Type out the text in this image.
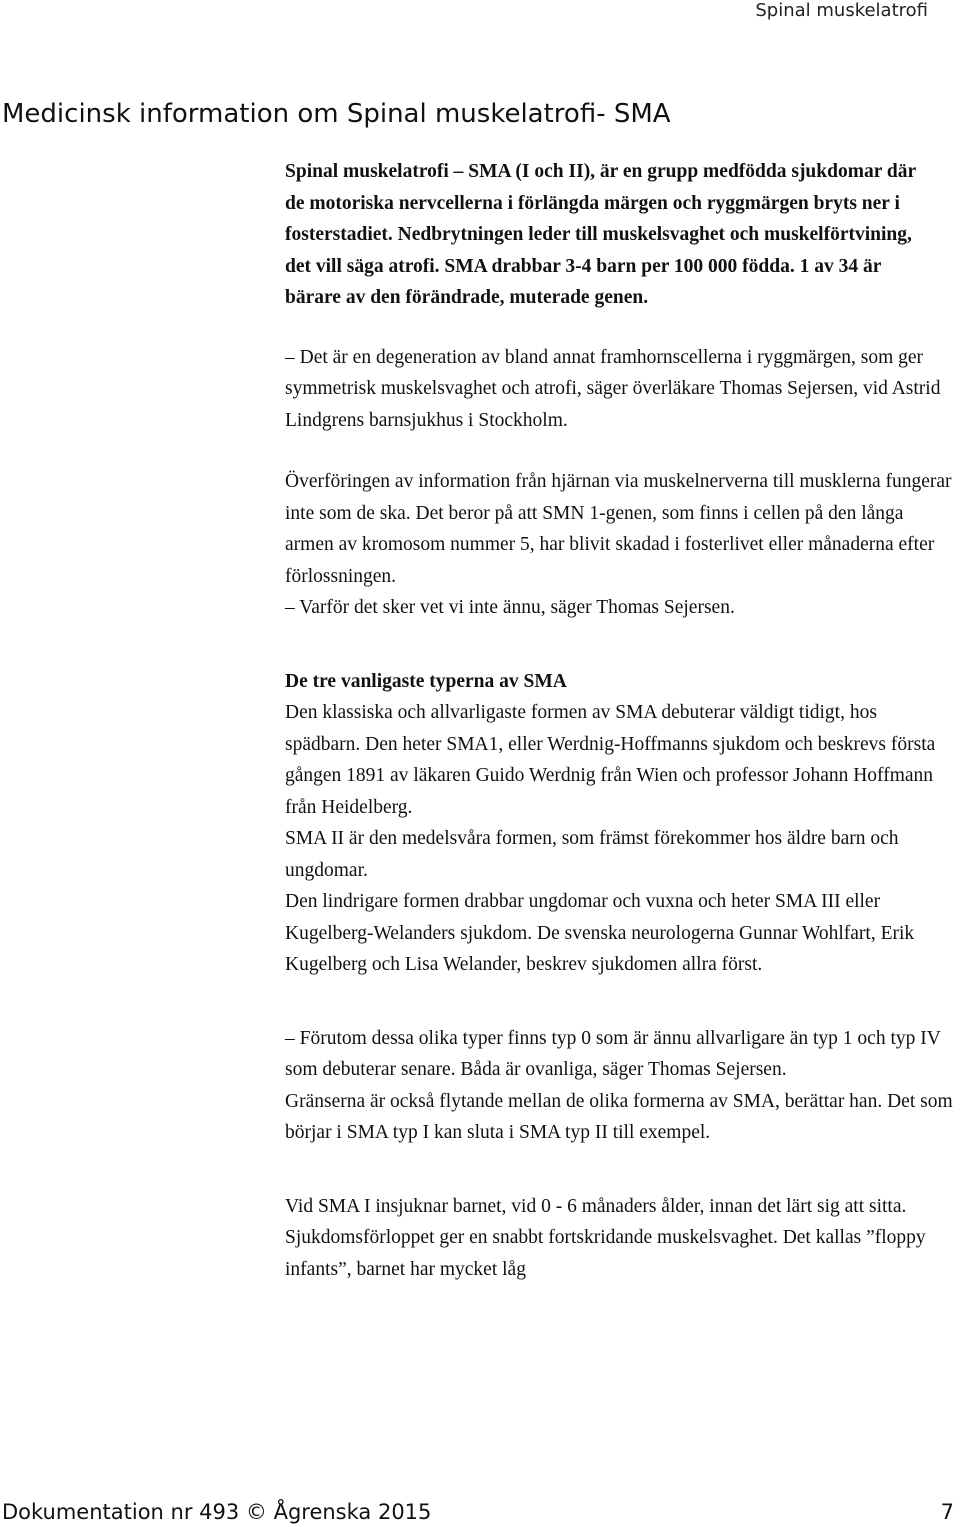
Spinal muskelatrofi
Medicinsk information om Spinal muskelatrofi- SMA

Spinal muskelatrofi – SMA (I och II), är en grupp medfödda sjukdomar där de motoriska nervcellerna i förlängda märgen och ryggmärgen bryts ner i fosterstadiet. Nedbrytningen leder till muskelsvaghet och muskelförtvining, det vill säga atrofi. SMA drabbar 3-4 barn per 100 000 födda. 1 av 34 är bärare av den förändrade, muterade genen.

– Det är en degeneration av bland annat framhornscellerna i ryggmärgen, som ger symmetrisk muskelsvaghet och atrofi, säger överläkare Thomas Sejersen, vid Astrid Lindgrens barnsjukhus i Stockholm.

Överföringen av information från hjärnan via muskelnerverna till musklerna fungerar inte som de ska. Det beror på att SMN 1-genen, som finns i cellen på den långa armen av kromosom nummer 5, har blivit skadad i fosterlivet eller månaderna efter förlossningen.

– Varför det sker vet vi inte ännu, säger Thomas Sejersen.

De tre vanligaste typerna av SMA

Den klassiska och allvarligaste formen av SMA debuterar väldigt tidigt, hos spädbarn. Den heter SMA1, eller Werdnig-Hoffmanns sjukdom och beskrevs första gången 1891 av läkaren Guido Werdnig från Wien och professor Johann Hoffmann från Heidelberg.

SMA II är den medelsvåra formen, som främst förekommer hos äldre barn och ungdomar.

Den lindrigare formen drabbar ungdomar och vuxna och heter SMA III eller Kugelberg-Welanders sjukdom. De svenska neurologerna Gunnar Wohlfart, Erik Kugelberg och Lisa Welander, beskrev sjukdomen allra först.

– Förutom dessa olika typer finns typ 0 som är ännu allvarligare än typ 1 och typ IV som debuterar senare. Båda är ovanliga, säger Thomas Sejersen.

Gränserna är också flytande mellan de olika formerna av SMA, berättar han. Det som börjar i SMA typ I kan sluta i SMA typ II till exempel.

Vid SMA I insjuknar barnet, vid 0 - 6 månaders ålder, innan det lärt sig att sitta. Sjukdomsförloppet ger en snabbt fortskridande muskelsvaghet. Det kallas ”floppy infants”, barnet har mycket låg

Dokumentation nr 493 © Ågrenska 2015	7
